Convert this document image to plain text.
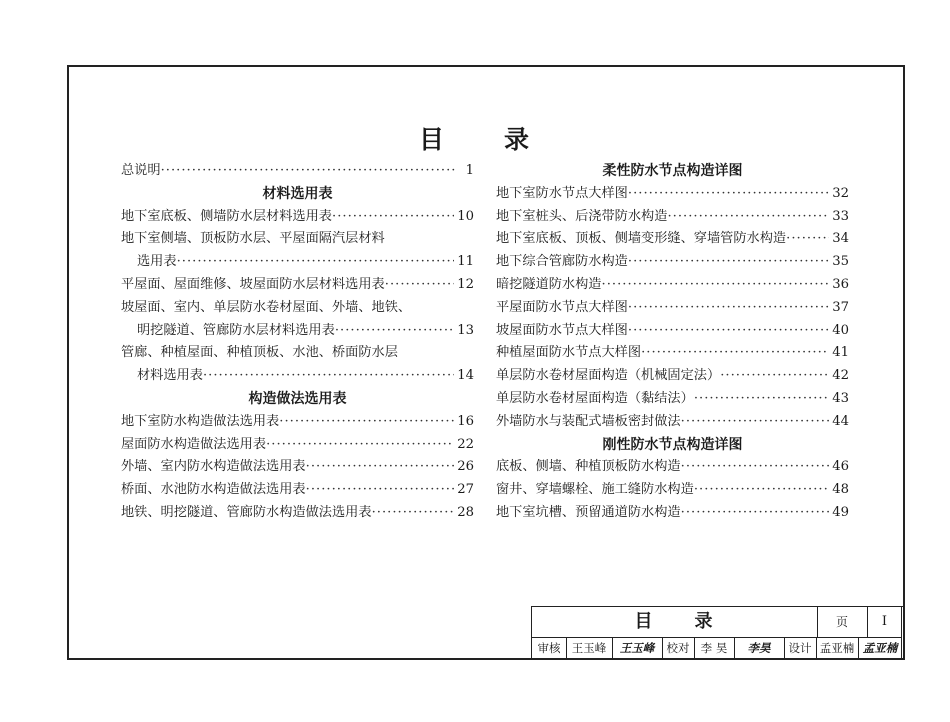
目 录
总说明 ·····	1
材料选用表
地下室底板、侧墙防水层材料选用表 ·····	10
地下室侧墙、顶板防水层、平屋面隔汽层材料
选用表 ·····	11
平屋面、屋面维修、坡屋面防水层材料选用表 ·····	12
坡屋面、室内、单层防水卷材屋面、外墙、地铁、
明挖隧道、管廊防水层材料选用表 ·····	13
管廊、种植屋面、种植顶板、水池、桥面防水层
材料选用表 ·····	14
构造做法选用表
地下室防水构造做法选用表 ·····	16
屋面防水构造做法选用表 ·····	22
外墙、室内防水构造做法选用表 ·····	26
桥面、水池防水构造做法选用表 ·····	27
地铁、明挖隧道、管廊防水构造做法选用表 ·····	28
柔性防水节点构造详图
地下室防水节点大样图 ·····	32
地下室桩头、后浇带防水构造 ·····	33
地下室底板、顶板、侧墙变形缝、穿墙管防水构造 ·····	34
地下综合管廊防水构造 ·····	35
暗挖隧道防水构造 ·····	36
平屋面防水节点大样图 ·····	37
坡屋面防水节点大样图 ·····	40
种植屋面防水节点大样图 ·····	41
单层防水卷材屋面构造（机械固定法） ·····	42
单层防水卷材屋面构造（黏结法） ·····	43
外墙防水与装配式墙板密封做法 ·····	44
刚性防水节点构造详图
底板、侧墙、种植顶板防水构造 ·····	46
窗井、穿墙螺栓、施工缝防水构造 ·····	48
地下室坑槽、预留通道防水构造 ·····	49
目 录	页	I
审核 王玉峰	王玉峰	校对 李 昊	李昊	设计 孟亚楠 孟亚楠
